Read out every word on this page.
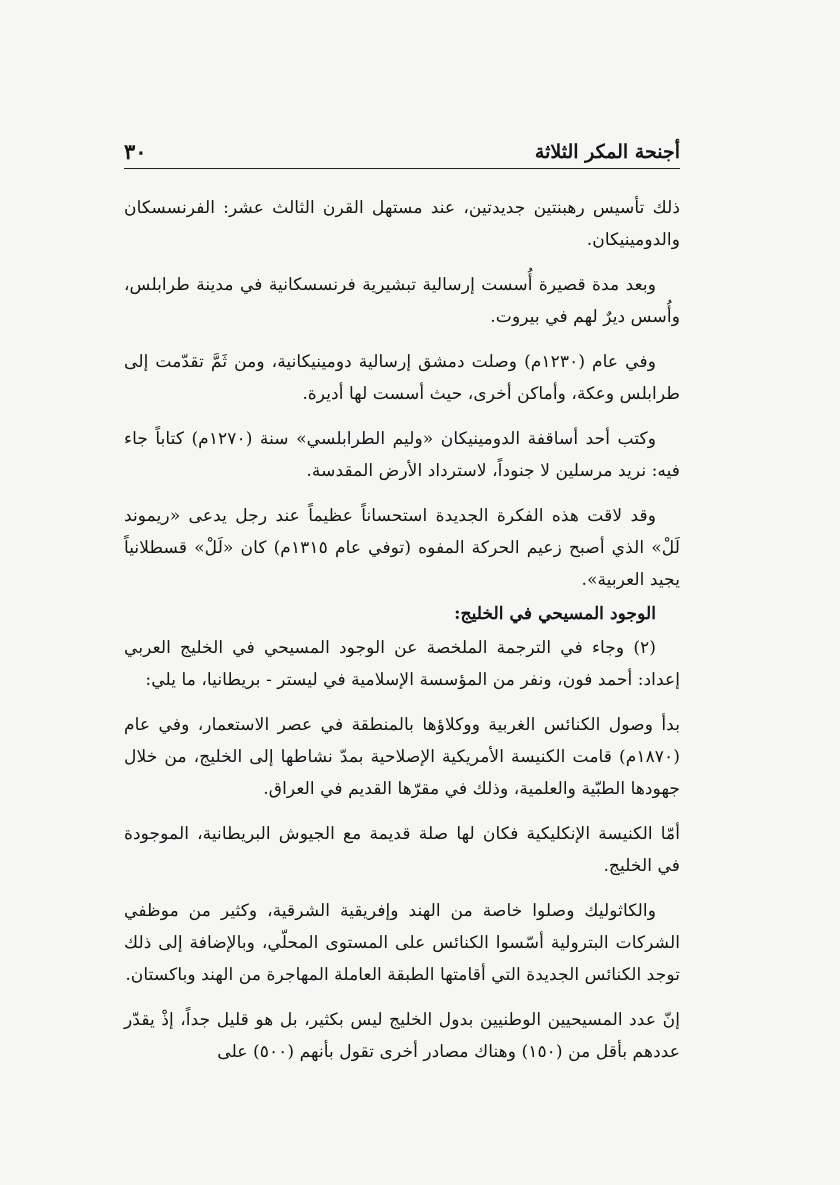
أجنحة المكر الثلاثة
٣٠

ذلك تأسيس رهبنتين جديدتين، عند مستهل القرن الثالث عشر: الفرنسسكان والدومينيكان.

وبعد مدة قصيرة أُسست إرسالية تبشيرية فرنسسكانية في مدينة طرابلس، وأُسس ديرٌ لهم في بيروت.

وفي عام (١٢٣٠م) وصلت دمشق إرسالية دومينيكانية، ومن ثَمَّ تقدّمت إلى طرابلس وعكة، وأماكن أخرى، حيث أسست لها أديرة.

وكتب أحد أساقفة الدومينيكان «وليم الطرابلسي» سنة (١٢٧٠م) كتاباً جاء فيه: نريد مرسلين لا جنوداً، لاسترداد الأرض المقدسة.

وقد لاقت هذه الفكرة الجديدة استحساناً عظيماً عند رجل يدعى «ريموند لَلْ» الذي أصبح زعيم الحركة المفوه (توفي عام ١٣١٥م) كان «لَلْ» قسطلانياً يجيد العربية».

الوجود المسيحي في الخليج:

(٢) وجاء في الترجمة الملخصة عن الوجود المسيحي في الخليج العربي إعداد: أحمد فون، ونفر من المؤسسة الإسلامية في ليستر - بريطانيا، ما يلي:

بدأ وصول الكنائس الغربية ووكلاؤها بالمنطقة في عصر الاستعمار، وفي عام (١٨٧٠م) قامت الكنيسة الأمريكية الإصلاحية بمدّ نشاطها إلى الخليج، من خلال جهودها الطبّية والعلمية، وذلك في مقرّها القديم في العراق.

أمّا الكنيسة الإنكليكية فكان لها صلة قديمة مع الجيوش البريطانية، الموجودة في الخليج.

والكاثوليك وصلوا خاصة من الهند وإفريقية الشرقية، وكثير من موظفي الشركات البترولية أسّسوا الكنائس على المستوى المحلّي، وبالإضافة إلى ذلك توجد الكنائس الجديدة التي أقامتها الطبقة العاملة المهاجرة من الهند وباكستان.

إنّ عدد المسيحيين الوطنيين بدول الخليج ليس بكثير، بل هو قليل جداً، إذْ يقدّر عددهم بأقل من (١٥٠) وهناك مصادر أخرى تقول بأنهم (٥٠٠) على
